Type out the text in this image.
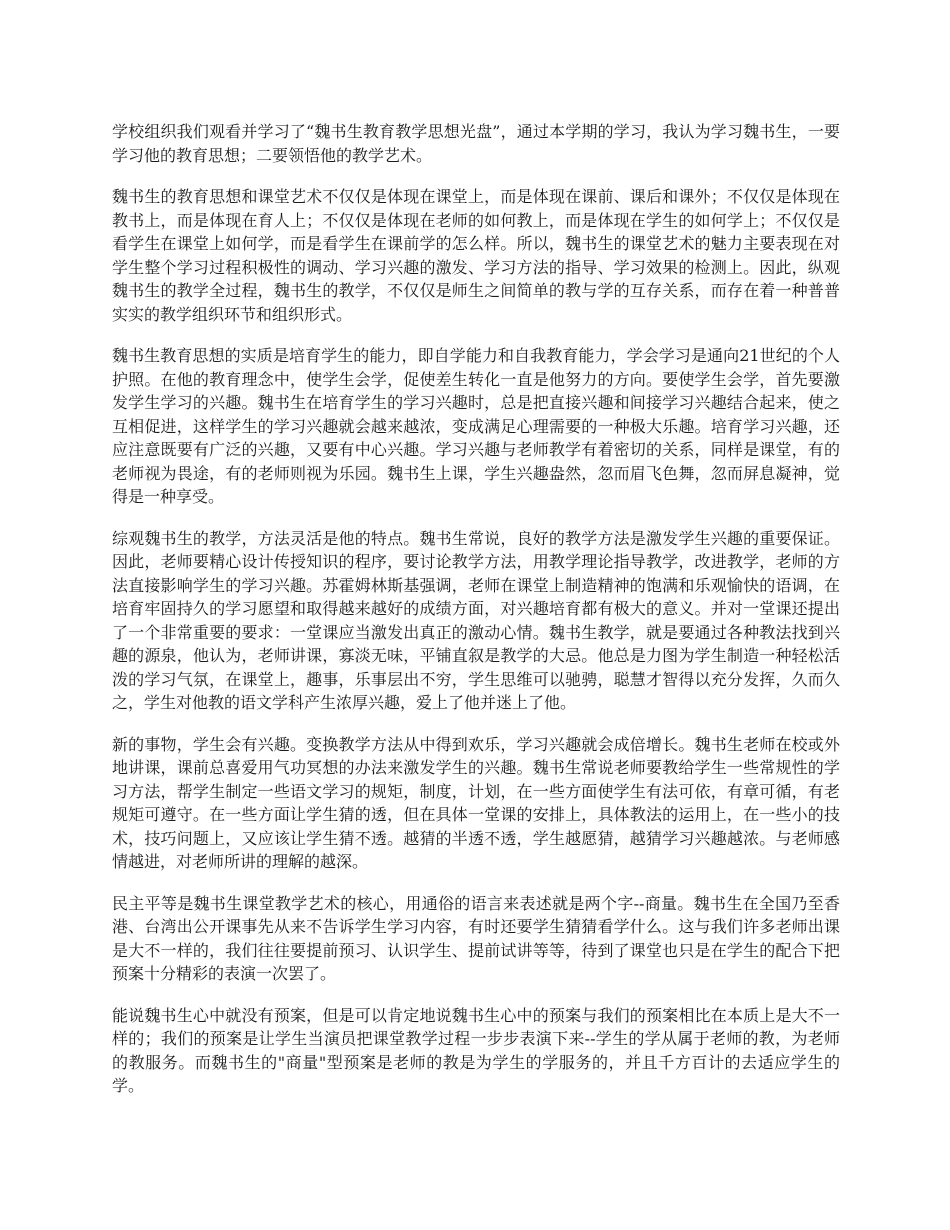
学校组织我们观看并学习了“魏书生教育教学思想光盘”，通过本学期的学习，我认为学习魏书生，一要学习他的教育思想；二要领悟他的教学艺术。

魏书生的教育思想和课堂艺术不仅仅是体现在课堂上，而是体现在课前、课后和课外；不仅仅是体现在教书上，而是体现在育人上；不仅仅是体现在老师的如何教上，而是体现在学生的如何学上；不仅仅是看学生在课堂上如何学，而是看学生在课前学的怎么样。所以，魏书生的课堂艺术的魅力主要表现在对学生整个学习过程积极性的调动、学习兴趣的激发、学习方法的指导、学习效果的检测上。因此，纵观魏书生的教学全过程，魏书生的教学，不仅仅是师生之间简单的教与学的互存关系，而存在着一种普普实实的教学组织环节和组织形式。

魏书生教育思想的实质是培育学生的能力，即自学能力和自我教育能力，学会学习是通向21世纪的个人护照。在他的教育理念中，使学生会学，促使差生转化一直是他努力的方向。要使学生会学，首先要激发学生学习的兴趣。魏书生在培育学生的学习兴趣时，总是把直接兴趣和间接学习兴趣结合起来，使之互相促进，这样学生的学习兴趣就会越来越浓，变成满足心理需要的一种极大乐趣。培育学习兴趣，还应注意既要有广泛的兴趣，又要有中心兴趣。学习兴趣与老师教学有着密切的关系，同样是课堂，有的老师视为畏途，有的老师则视为乐园。魏书生上课，学生兴趣盎然，忽而眉飞色舞，忽而屏息凝神，觉得是一种享受。

综观魏书生的教学，方法灵活是他的特点。魏书生常说，良好的教学方法是激发学生兴趣的重要保证。因此，老师要精心设计传授知识的程序，要讨论教学方法，用教学理论指导教学，改进教学，老师的方法直接影响学生的学习兴趣。苏霍姆林斯基强调，老师在课堂上制造精神的饱满和乐观愉快的语调，在培育牢固持久的学习愿望和取得越来越好的成绩方面，对兴趣培育都有极大的意义。并对一堂课还提出了一个非常重要的要求：一堂课应当激发出真正的激动心情。魏书生教学，就是要通过各种教法找到兴趣的源泉，他认为，老师讲课，寡淡无味，平铺直叙是教学的大忌。他总是力图为学生制造一种轻松活泼的学习气氛，在课堂上，趣事，乐事层出不穷，学生思维可以驰骋，聪慧才智得以充分发挥，久而久之，学生对他教的语文学科产生浓厚兴趣，爱上了他并迷上了他。

新的事物，学生会有兴趣。变换教学方法从中得到欢乐，学习兴趣就会成倍增长。魏书生老师在校或外地讲课，课前总喜爱用气功冥想的办法来激发学生的兴趣。魏书生常说老师要教给学生一些常规性的学习方法，帮学生制定一些语文学习的规矩，制度，计划，在一些方面使学生有法可依，有章可循，有老规矩可遵守。在一些方面让学生猜的透，但在具体一堂课的安排上，具体教法的运用上，在一些小的技术，技巧问题上，又应该让学生猜不透。越猜的半透不透，学生越愿猜，越猜学习兴趣越浓。与老师感情越进，对老师所讲的理解的越深。

民主平等是魏书生课堂教学艺术的核心，用通俗的语言来表述就是两个字--商量。魏书生在全国乃至香港、台湾出公开课事先从来不告诉学生学习内容，有时还要学生猜猜看学什么。这与我们许多老师出课是大不一样的，我们往往要提前预习、认识学生、提前试讲等等，待到了课堂也只是在学生的配合下把预案十分精彩的表演一次罢了。

能说魏书生心中就没有预案，但是可以肯定地说魏书生心中的预案与我们的预案相比在本质上是大不一样的；我们的预案是让学生当演员把课堂教学过程一步步表演下来--学生的学从属于老师的教，为老师的教服务。而魏书生的"商量"型预案是老师的教是为学生的学服务的，并且千方百计的去适应学生的学。
